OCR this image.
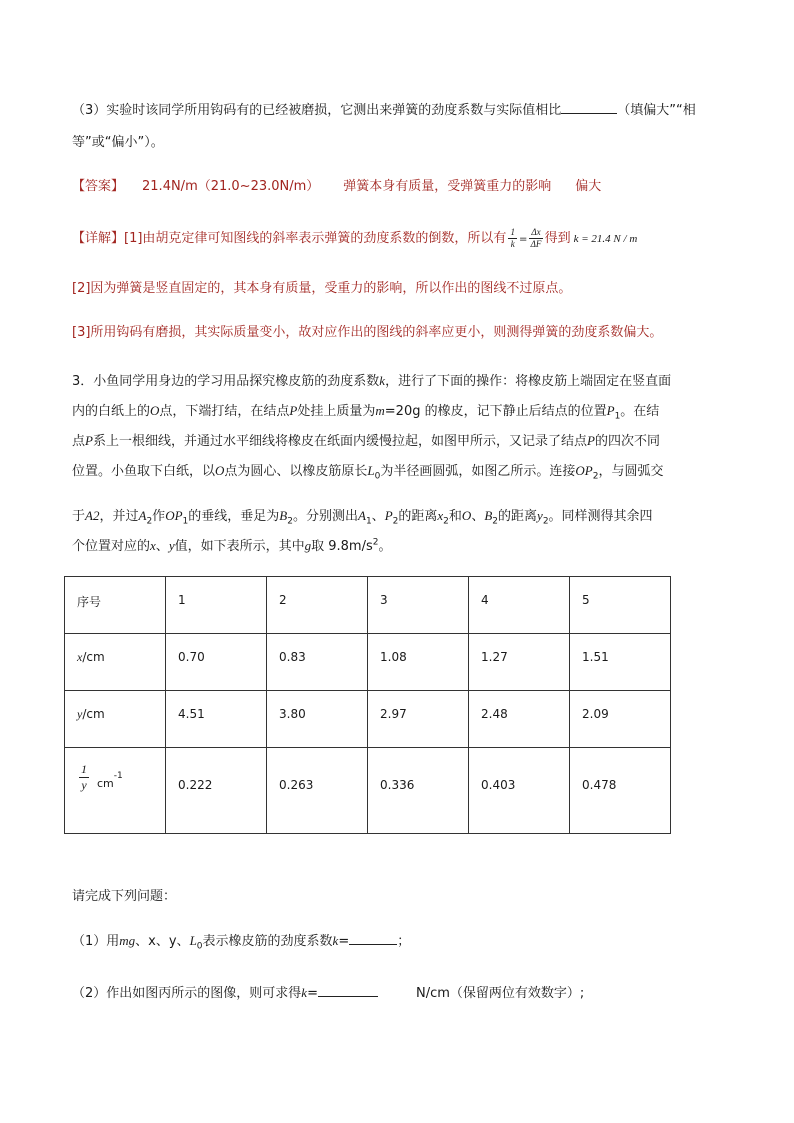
（3）实验时该同学所用钩码有的已经被磨损，它测出来弹簧的劲度系数与实际值相比	（填偏大”“相
等”或“偏小”）。
【答案】 21.4N/m（21.0~23.0N/m） 弹簧本身有质量，受弹簧重力的影响 偏大
【详解】[1]由胡克定律可知图线的斜率表示弹簧的劲度系数的倒数，所以有 $\frac{1}{k} = \frac{\Delta x}{\Delta F}$ 得到 k = 21.4 N / m
[2]因为弹簧是竖直固定的，其本身有质量，受重力的影响，所以作出的图线不过原点。
[3]所用钩码有磨损，其实际质量变小，故对应作出的图线的斜率应更小，则测得弹簧的劲度系数偏大。
3．小鱼同学用身边的学习用品探究橡皮筋的劲度系数k，进行了下面的操作：将橡皮筋上端固定在竖直面
内的白纸上的O点，下端打结，在结点P处挂上质量为m=20g 的橡皮，记下静止后结点的位置$P_1$。在结
点P系上一根细线，并通过水平细线将橡皮在纸面内缓慢拉起，如图甲所示，又记录了结点P的四次不同
位置。小鱼取下白纸，以O点为圆心、以橡皮筋原长$L_0$为半径画圆弧，如图乙所示。连接$OP_2$，与圆弧交
于A2，并过$A_2$作$OP_1$的垂线，垂足为$B_2$。分别测出$A_1$、$P_2$的距离$x_2$和O、$B_2$的距离$y_2$。同样测得其余四
个位置对应的x、y值，如下表所示，其中g取 $9.8m/s^2$。
序号	1	2	3	4	5
x/cm	0.70	0.83	1.08	1.27	1.51
y/cm	4.51	3.80	2.97	2.48	2.09

$\frac{1}{y} cm^{-1}$	0.222	0.263	0.336	0.403	0.478
请完成下列问题：
（1）用mg、x、y、$L_0$表示橡皮筋的劲度系数k=	；
（2）作出如图丙所示的图像，则可求得k=	N/cm（保留两位有效数字）;
